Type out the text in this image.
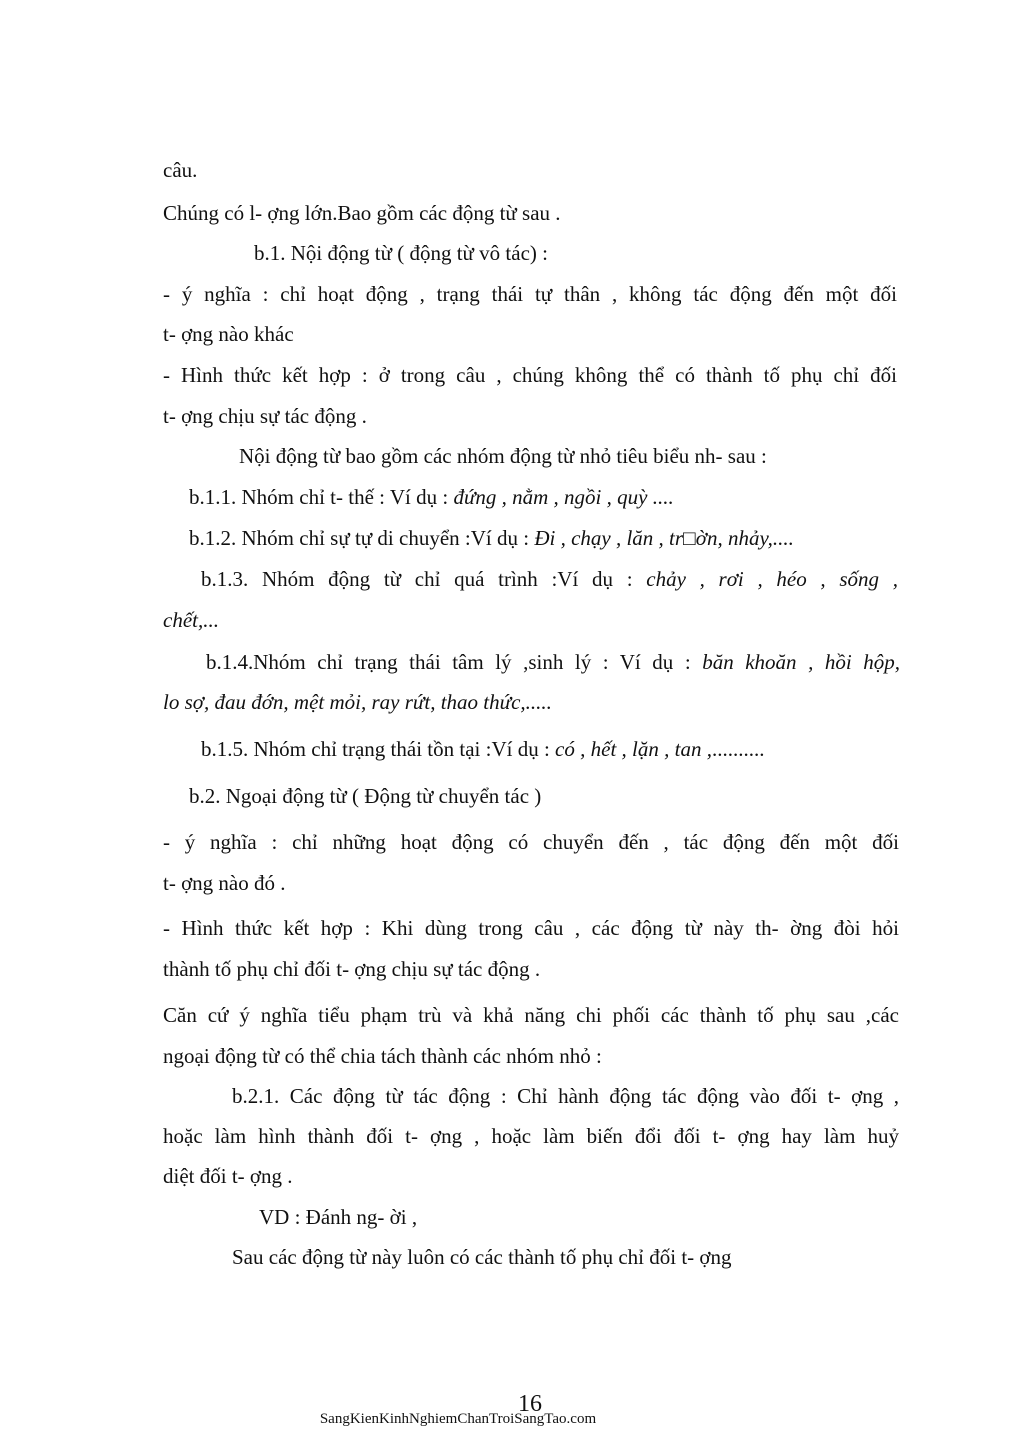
câu.
Chúng có l- ợng lớn.Bao gồm các động từ sau .
b.1. Nội động từ ( động từ vô tác) :
- ý nghĩa : chỉ hoạt động , trạng thái tự thân , không tác động đến một đối
t- ợng nào khác
- Hình thức kết hợp : ở trong câu , chúng không thể có thành tố phụ chỉ đối
t- ợng chịu sự tác động .
Nội động từ bao gồm các nhóm động từ nhỏ tiêu biểu nh- sau :
b.1.1. Nhóm chỉ t- thế : Ví dụ : đứng , nằm , ngồi , quỳ ....
b.1.2. Nhóm chỉ sự tự di chuyển :Ví dụ : Đi , chạy , lăn , tr□ờn, nhảy,....
b.1.3. Nhóm động từ chỉ quá trình :Ví dụ : chảy , rơi , héo , sống ,
chết,...
b.1.4.Nhóm chỉ trạng thái tâm lý ,sinh lý : Ví dụ : băn khoăn , hồi hộp,
lo sợ, đau đớn, mệt mỏi, ray rứt, thao thức,.....
b.1.5. Nhóm chỉ trạng thái tồn tại :Ví dụ : có , hết , lặn , tan ,..........
b.2. Ngoại động từ ( Động từ chuyển tác )
- ý nghĩa : chỉ những hoạt động có chuyển đến , tác động đến một đối
t- ợng nào đó .
- Hình thức kết hợp : Khi dùng trong câu , các động từ này th- ờng đòi hỏi
thành tố phụ chỉ đối t- ợng chịu sự tác động .
Căn cứ ý nghĩa tiểu phạm trù và khả năng chi phối các thành tố phụ sau ,các
ngoại động từ có thể chia tách thành các nhóm nhỏ :
b.2.1. Các động từ tác động : Chỉ hành động tác động vào đối t- ợng ,
hoặc làm hình thành đối t- ợng , hoặc làm biến đổi đối t- ợng hay làm huỷ
diệt đối t- ợng .
VD : Đánh ng- ời ,
Sau các động từ này luôn có các thành tố phụ chỉ đối t- ợng
16
SangKienKinhNghiemChanTroiSangTao.com
